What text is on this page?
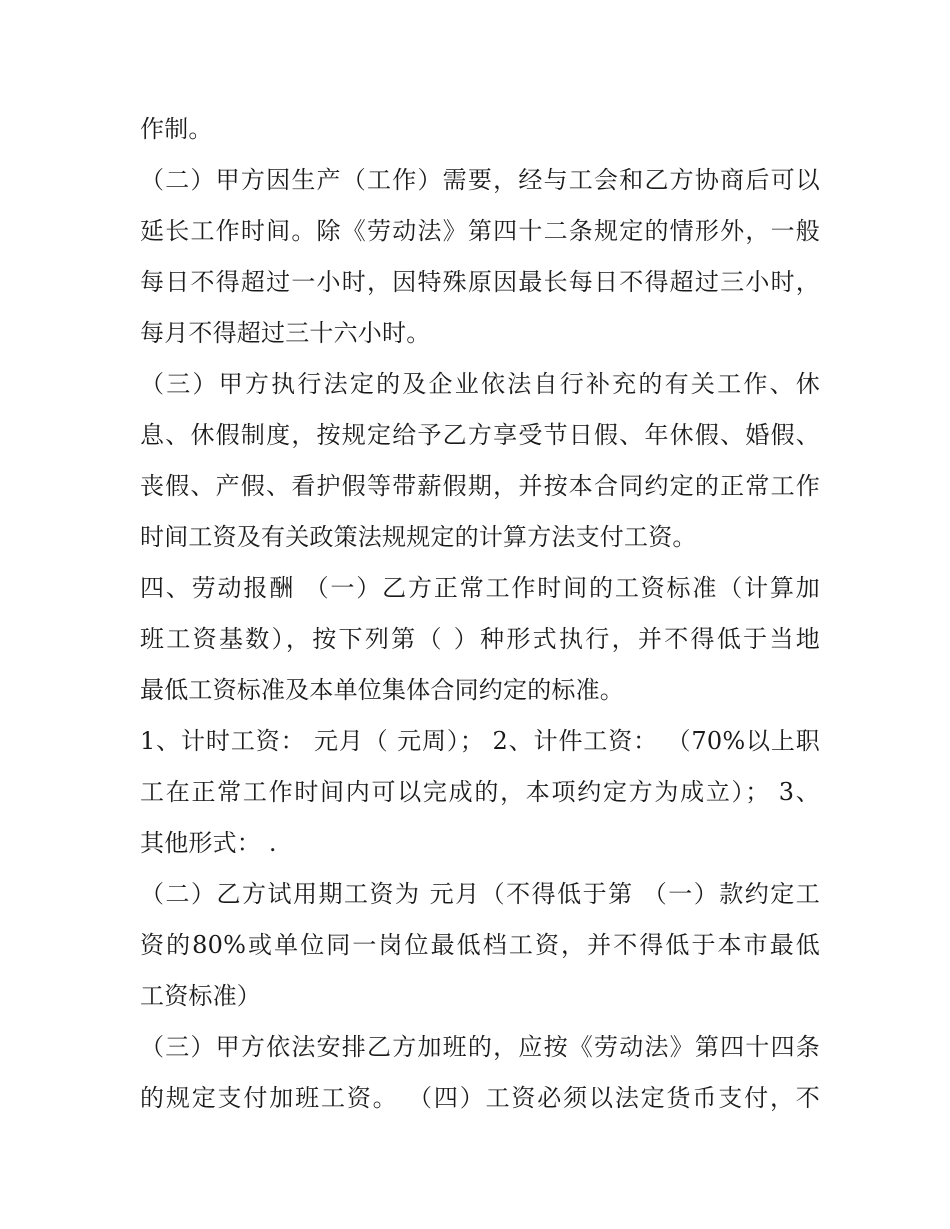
作制。
（二）甲方因生产（工作）需要，经与工会和乙方协商后可以
延长工作时间。除《劳动法》第四十二条规定的情形外，一般
每日不得超过一小时，因特殊原因最长每日不得超过三小时，
每月不得超过三十六小时。
（三）甲方执行法定的及企业依法自行补充的有关工作、休
息、休假制度，按规定给予乙方享受节日假、年休假、婚假、
丧假、产假、看护假等带薪假期，并按本合同约定的正常工作
时间工资及有关政策法规规定的计算方法支付工资。
四、劳动报酬 （一）乙方正常工作时间的工资标准（计算加
班工资基数），按下列第（ ）种形式执行，并不得低于当地
最低工资标准及本单位集体合同约定的标准。
1、计时工资： 元月（ 元周）； 2、计件工资： （70%以上职
工在正常工作时间内可以完成的，本项约定方为成立）； 3、
其他形式： .
（二）乙方试用期工资为 元月（不得低于第 （一）款约定工
资的80%或单位同一岗位最低档工资，并不得低于本市最低
工资标准）
（三）甲方依法安排乙方加班的，应按《劳动法》第四十四条
的规定支付加班工资。 （四）工资必须以法定货币支付，不
